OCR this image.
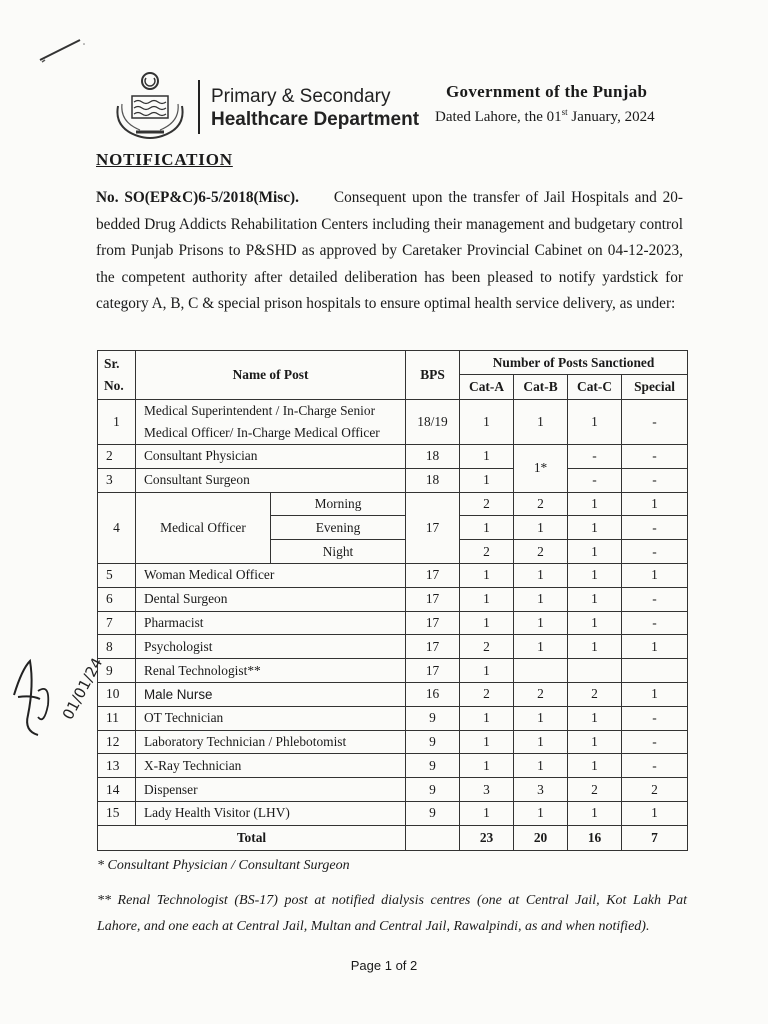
Primary & Secondary
Healthcare Department
Government of the Punjab
Dated Lahore, the 01st January, 2024
NOTIFICATION
No. SO(EP&C)6-5/2018(Misc). Consequent upon the transfer of Jail Hospitals and 20-bedded Drug Addicts Rehabilitation Centers including their management and budgetary control from Punjab Prisons to P&SHD as approved by Caretaker Provincial Cabinet on 04-12-2023, the competent authority after detailed deliberation has been pleased to notify yardstick for category A, B, C & special prison hospitals to ensure optimal health service delivery, as under:
Sr. No.	Name of Post		BPS	Number of Posts Sanctioned			
				Cat-A	Cat-B	Cat-C	Special
1	Medical Superintendent / In-Charge Senior Medical Officer/ In-Charge Medical Officer		18/19	1	1	1	-
2	Consultant Physician		18	1	1*	-	-
3	Consultant Surgeon		18	1		-	-
4	Medical Officer	Morning	17	2	2	1	1
		Evening		1	1	1	-
		Night		2	2	1	-
5	Woman Medical Officer		17	1	1	1	1
6	Dental Surgeon		17	1	1	1	-
7	Pharmacist		17	1	1	1	-
8	Psychologist		17	2	1	1	1
9	Renal Technologist**		17	1			
10	Male Nurse		16	2	2	2	1
11	OT Technician		9	1	1	1	-
12	Laboratory Technician / Phlebotomist		9	1	1	1	-
13	X-Ray Technician		9	1	1	1	-
14	Dispenser		9	3	3	2	2
15	Lady Health Visitor (LHV)		9	1	1	1	1
Total				23	20	16	7
01/01/24
* Consultant Physician / Consultant Surgeon
** Renal Technologist (BS-17) post at notified dialysis centres (one at Central Jail, Kot Lakh Pat Lahore, and one each at Central Jail, Multan and Central Jail, Rawalpindi, as and when notified).
Page 1 of 2
